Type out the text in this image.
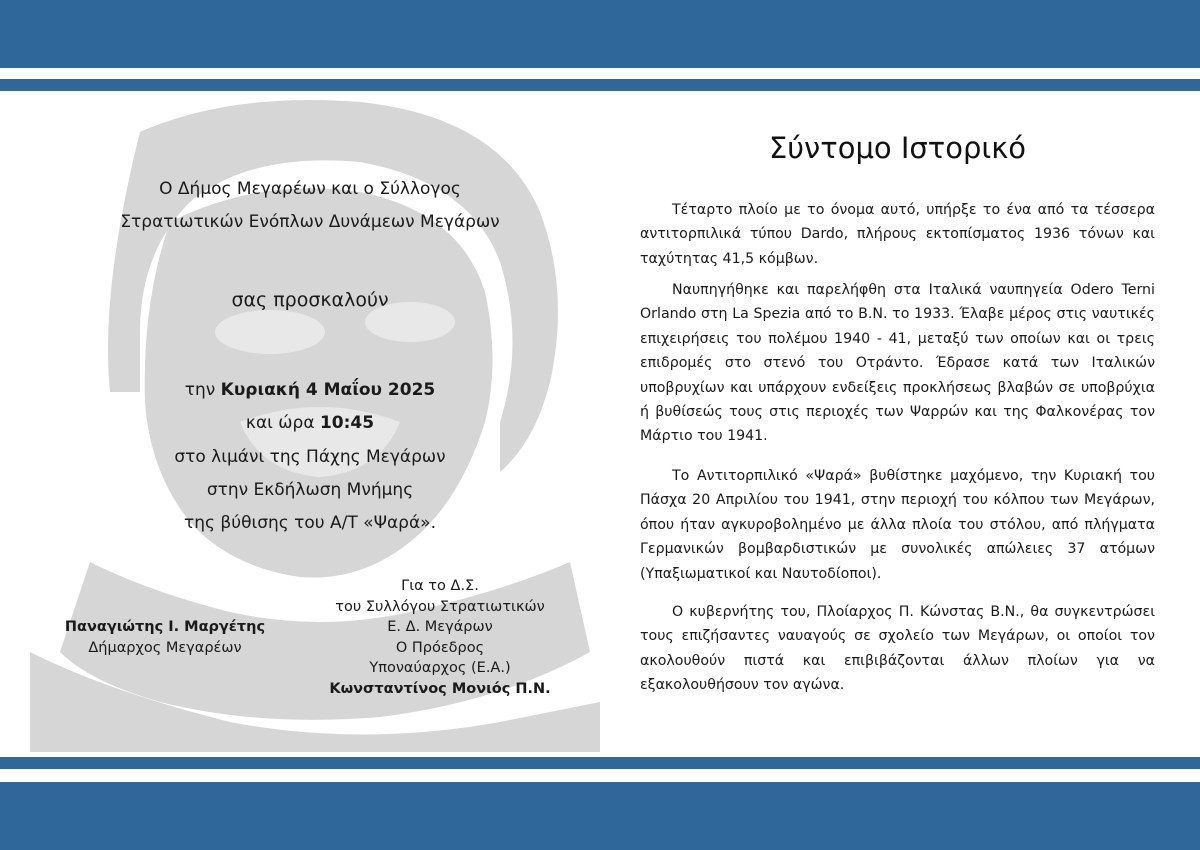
Ο Δήμος Μεγαρέων και ο Σύλλογος
Στρατιωτικών Ενόπλων Δυνάμεων Μεγάρων
σας προσκαλούν
την Κυριακή 4 Μαΐου 2025
και ώρα 10:45
στο λιμάνι της Πάχης Μεγάρων
στην Εκδήλωση Μνήμης
της βύθισης του Α/Τ «Ψαρά».
Παναγιώτης Ι. Μαργέτης
Δήμαρχος Μεγαρέων
Για το Δ.Σ.
του Συλλόγου Στρατιωτικών
Ε. Δ. Μεγάρων
Ο Πρόεδρος
Υποναύαρχος (Ε.Α.)
Κωνσταντίνος Μονιός Π.Ν.
Σύντομο Ιστορικό

Τέταρτο πλοίο με το όνομα αυτό, υπήρξε το ένα από τα τέσσερα αντιτορπιλικά τύπου Dardo, πλήρους εκτοπίσματος 1936 τόνων και ταχύτητας 41,5 κόμβων.

Ναυπηγήθηκε και παρελήφθη στα Ιταλικά ναυπηγεία Odero Terni Orlando στη La Spezia από το Β.Ν. το 1933. Έλαβε μέρος στις ναυτικές επιχειρήσεις του πολέμου 1940 - 41, μεταξύ των οποίων και οι τρεις επιδρομές στο στενό του Οτράντο. Έδρασε κατά των Ιταλικών υποβρυχίων και υπάρχουν ενδείξεις προκλήσεως βλαβών σε υποβρύχια ή βυθίσεώς τους στις περιοχές των Ψαρρών και της Φαλκονέρας τον Μάρτιο του 1941.

Το Αντιτορπιλικό «Ψαρά» βυθίστηκε μαχόμενο, την Κυριακή του Πάσχα 20 Απριλίου του 1941, στην περιοχή του κόλπου των Μεγάρων, όπου ήταν αγκυροβολημένο με άλλα πλοία του στόλου, από πλήγματα Γερμανικών βομβαρδιστικών με συνολικές απώλειες 37 ατόμων (Υπαξιωματικοί και Ναυτοδίοποι).

Ο κυβερνήτης του, Πλοίαρχος Π. Κώνστας Β.Ν., θα συγκεντρώσει τους επιζήσαντες ναυαγούς σε σχολείο των Μεγάρων, οι οποίοι τον ακολουθούν πιστά και επιβιβάζονται άλλων πλοίων για να εξακολουθήσουν τον αγώνα.
